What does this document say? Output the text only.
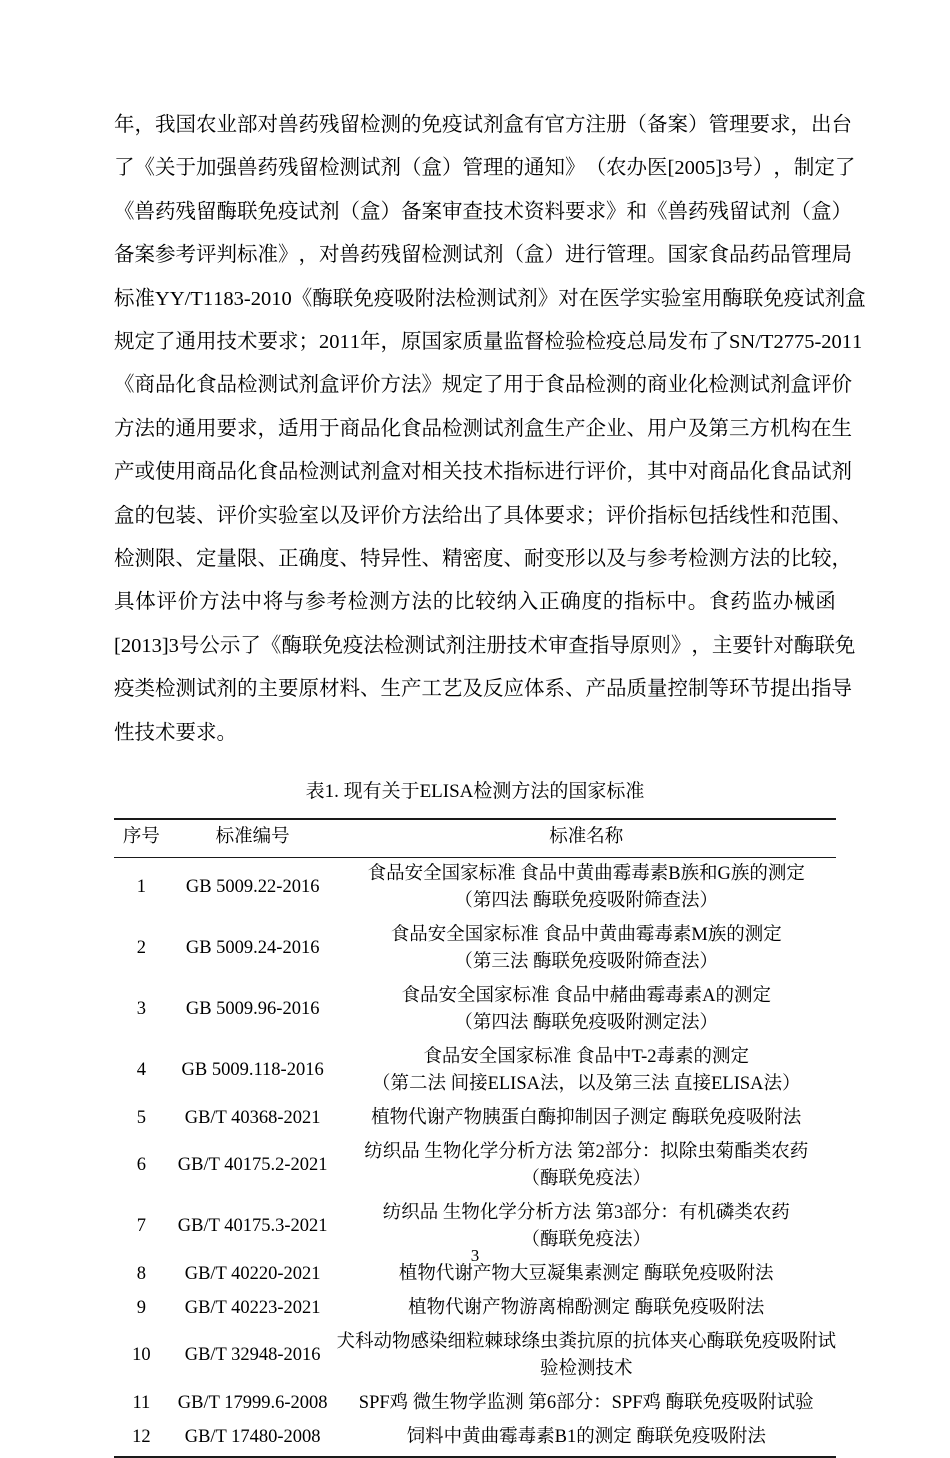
年 ， 我 国 农 业 部 对 兽 药 残 留 检 测 的 免 疫 试 剂 盒 有 官 方 注 册 （ 备 案 ） 管 理 要 求 ， 出 台
了 《 关 于 加 强 兽 药 残 留 检 测 试 剂 （ 盒 ） 管 理 的 通 知 》 （ 农 办 医 [ 2 0 0 5 ] 3 号 ） ， 制 定 了
《 兽 药 残 留 酶 联 免 疫 试 剂 （ 盒 ） 备 案 审 查 技 术 资 料 要 求 》 和 《 兽 药 残 留 试 剂 （ 盒 ）
备 案 参 考 评 判 标 准 》 ， 对 兽 药 残 留 检 测 试 剂 （ 盒 ） 进 行 管 理 。 国 家 食 品 药 品 管 理 局
标 准 Y Y / T 1 1 8 3 - 2 0 1 0 《 酶 联 免 疫 吸 附 法 检 测 试 剂 》 对 在 医 学 实 验 室 用 酶 联 免 疫 试 剂 盒
规 定 了 通 用 技 术 要 求 ； 2 0 1 1 年 ， 原 国 家 质 量 监 督 检 验 检 疫 总 局 发 布 了 S N / T 2 7 7 5 - 2 0 1 1
《 商 品 化 食 品 检 测 试 剂 盒 评 价 方 法 》 规 定 了 用 于 食 品 检 测 的 商 业 化 检 测 试 剂 盒 评 价
方 法 的 通 用 要 求 ， 适 用 于 商 品 化 食 品 检 测 试 剂 盒 生 产 企 业 、 用 户 及 第 三 方 机 构 在 生
产 或 使 用 商 品 化 食 品 检 测 试 剂 盒 对 相 关 技 术 指 标 进 行 评 价 ， 其 中 对 商 品 化 食 品 试 剂
盒 的 包 装 、 评 价 实 验 室 以 及 评 价 方 法 给 出 了 具 体 要 求 ； 评 价 指 标 包 括 线 性 和 范 围 、
检 测 限 、 定 量 限 、 正 确 度 、 特 异 性 、 精 密 度 、 耐 变 形 以 及 与 参 考 检 测 方 法 的 比 较 ，
具 体 评 价 方 法 中 将 与 参 考 检 测 方 法 的 比 较 纳 入 正 确 度 的 指 标 中 。 食 药 监 办 械 函
[ 2 0 1 3 ] 3 号 公 示 了 《 酶 联 免 疫 法 检 测 试 剂 注 册 技 术 审 查 指 导 原 则 》 ， 主 要 针 对 酶 联 免
疫 类 检 测 试 剂 的 主 要 原 材 料 、 生 产 工 艺 及 反 应 体 系 、 产 品 质 量 控 制 等 环 节 提 出 指 导
性技术要求。

表1. 现有关于ELISA检测方法的国家标准

序号	标准编号	标准名称
1	GB 5009.22-2016	食品安全国家标准 食品中黄曲霉毒素B族和G族的测定
（第四法 酶联免疫吸附筛查法）

2	GB 5009.24-2016	食品安全国家标准 食品中黄曲霉毒素M族的测定
（第三法 酶联免疫吸附筛查法）

3	GB 5009.96-2016	食品安全国家标准 食品中赭曲霉毒素A的测定
（第四法 酶联免疫吸附测定法）

4	GB 5009.118-2016	食品安全国家标准 食品中T-2毒素的测定
（第二法 间接ELISA法，以及第三法 直接ELISA法）

5	GB/T 40368-2021	植物代谢产物胰蛋白酶抑制因子测定 酶联免疫吸附法

6	GB/T 40175.2-2021	纺织品 生物化学分析方法 第2部分：拟除虫菊酯类农药
（酶联免疫法）

7	GB/T 40175.3-2021	纺织品 生物化学分析方法 第3部分：有机磷类农药
（酶联免疫法）

8	GB/T 40220-2021	植物代谢产物大豆凝集素测定 酶联免疫吸附法

9	GB/T 40223-2021	植物代谢产物游离棉酚测定 酶联免疫吸附法

10	GB/T 32948-2016	犬科动物感染细粒棘球绦虫粪抗原的抗体夹心酶联免疫吸附试
验检测技术

11	GB/T 17999.6-2008	SPF鸡 微生物学监测 第6部分：SPF鸡 酶联免疫吸附试验

12	GB/T 17480-2008	饲料中黄曲霉毒素B1的测定 酶联免疫吸附法
3
